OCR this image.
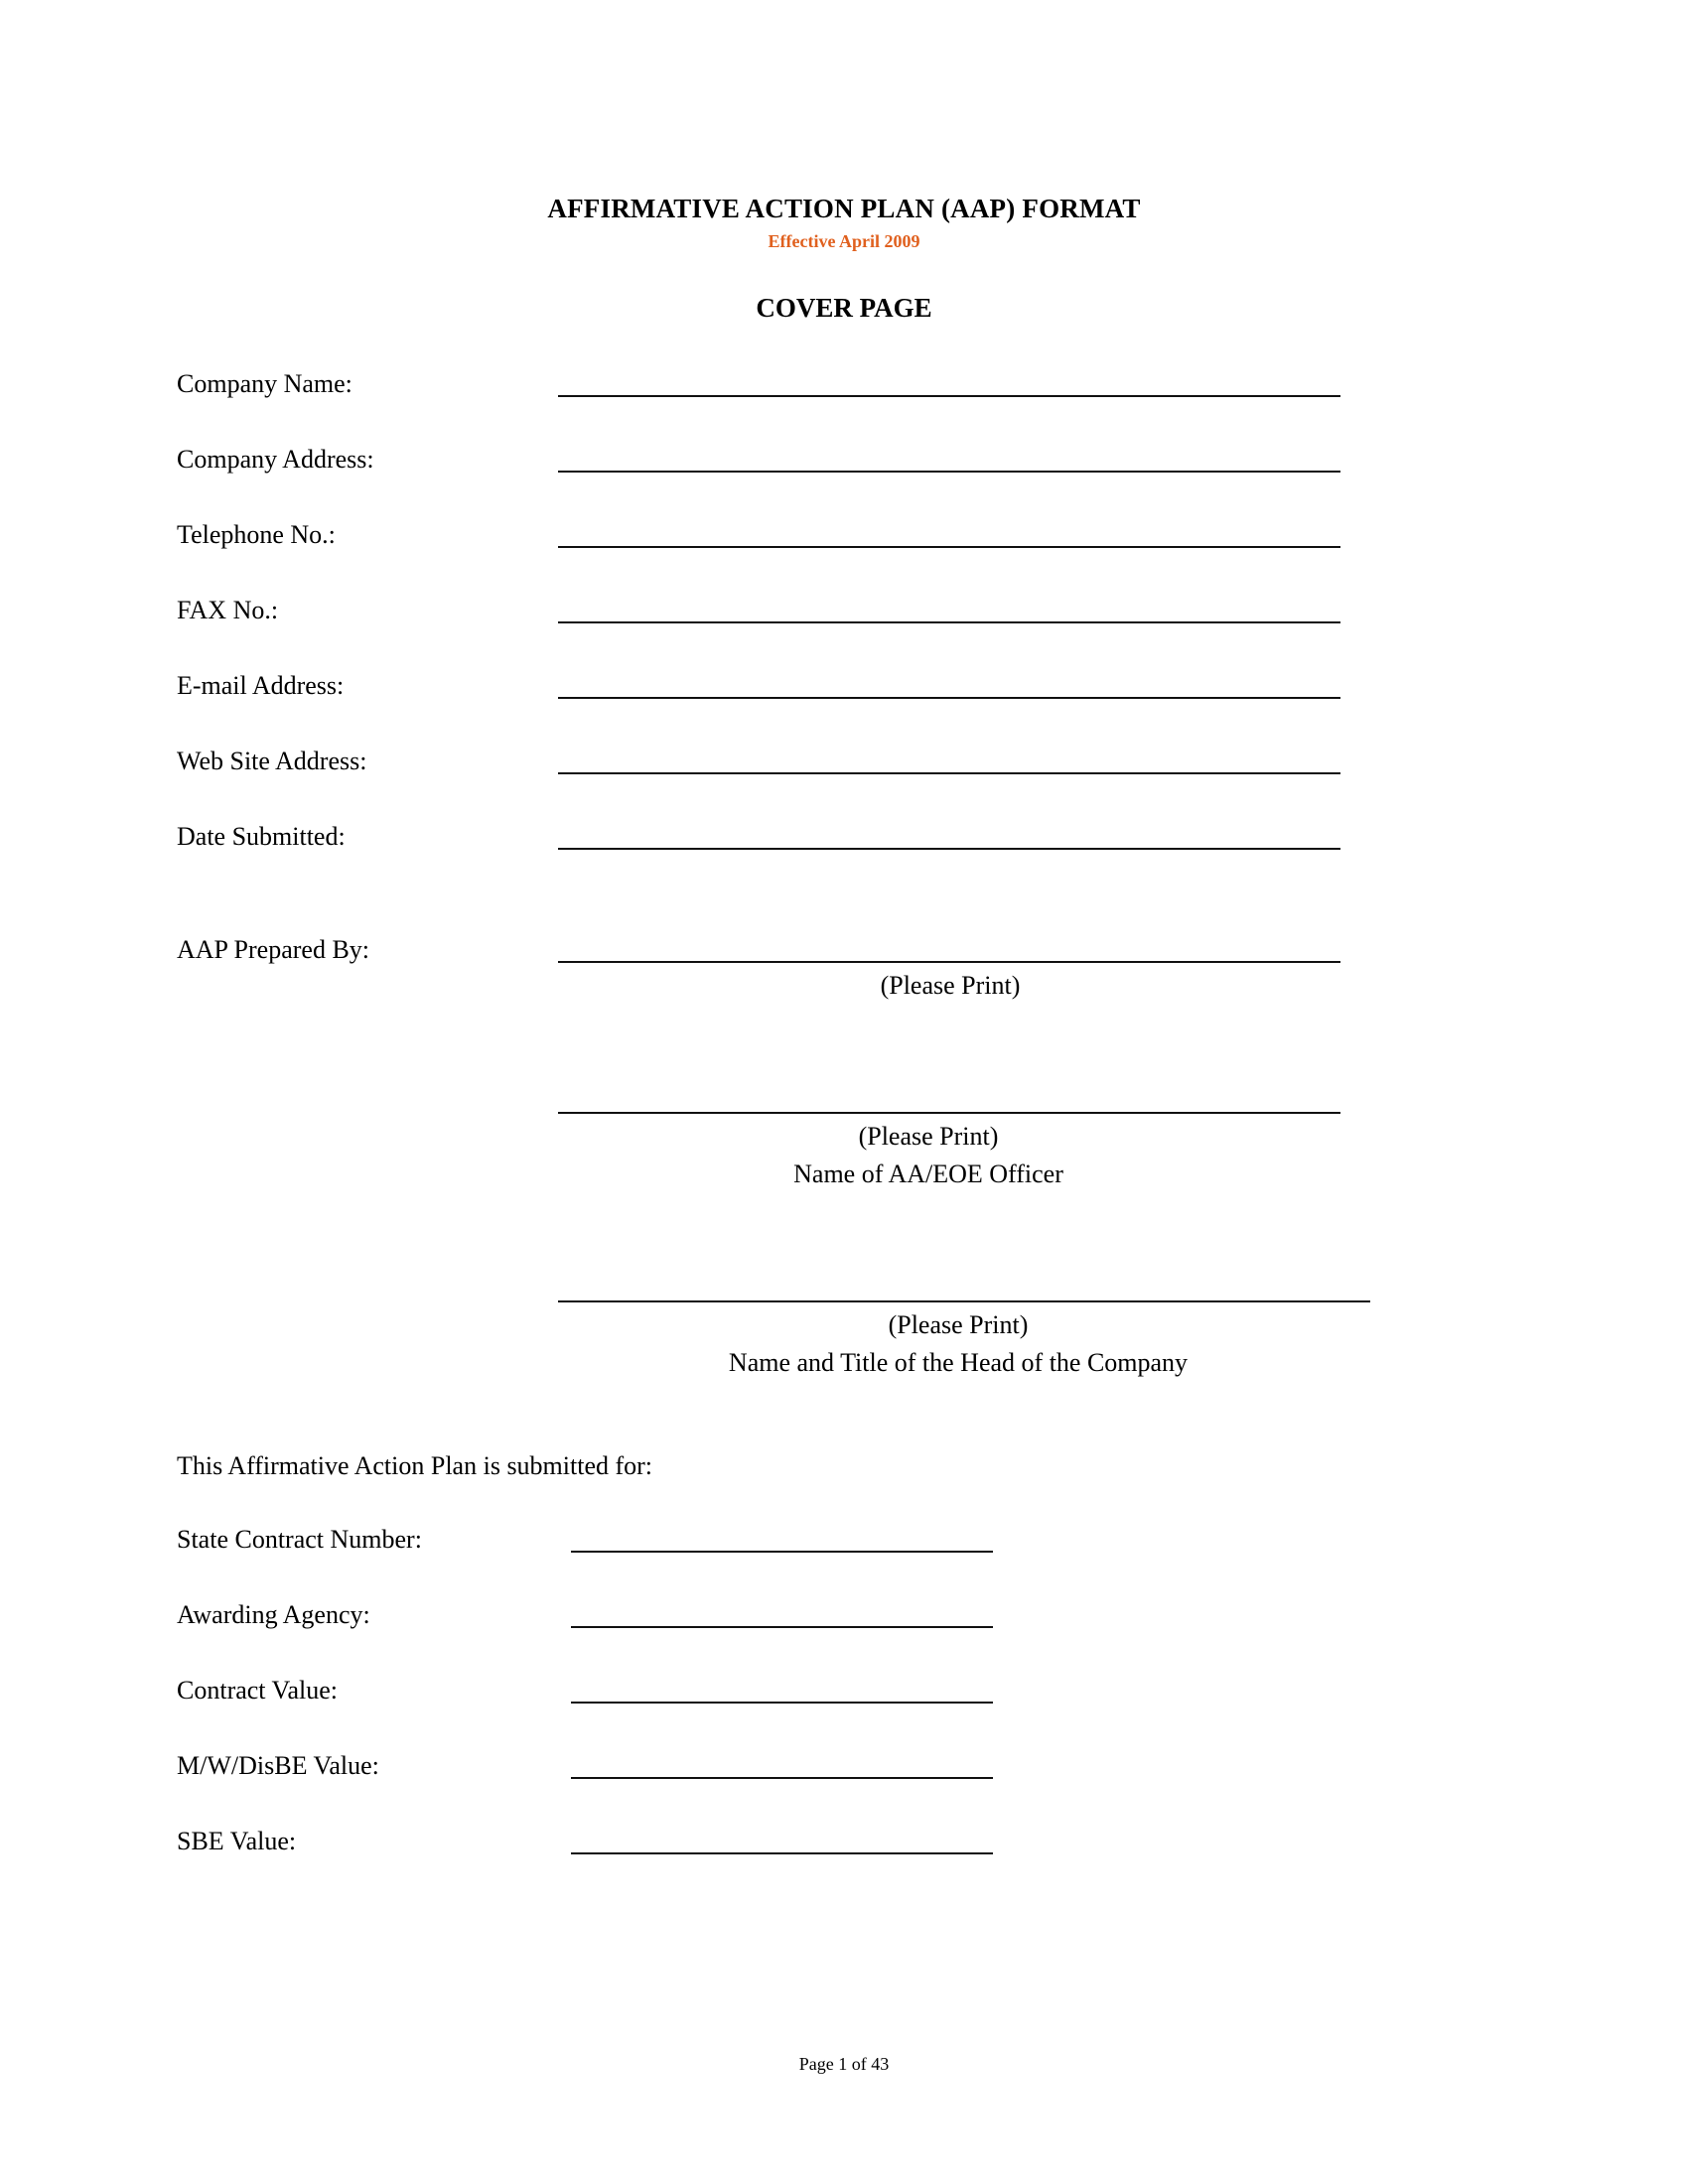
AFFIRMATIVE ACTION PLAN (AAP) FORMAT
Effective April 2009
COVER PAGE
Company Name:
Company Address:
Telephone No.:
FAX No.:
E-mail Address:
Web Site Address:
Date Submitted:
AAP Prepared By:
(Please Print)
(Please Print)
Name of AA/EOE Officer
(Please Print)
Name and Title of the Head of the Company
This Affirmative Action Plan is submitted for:
State Contract Number:
Awarding Agency:
Contract Value:
M/W/DisBE Value:
SBE Value:
Page 1 of 43
